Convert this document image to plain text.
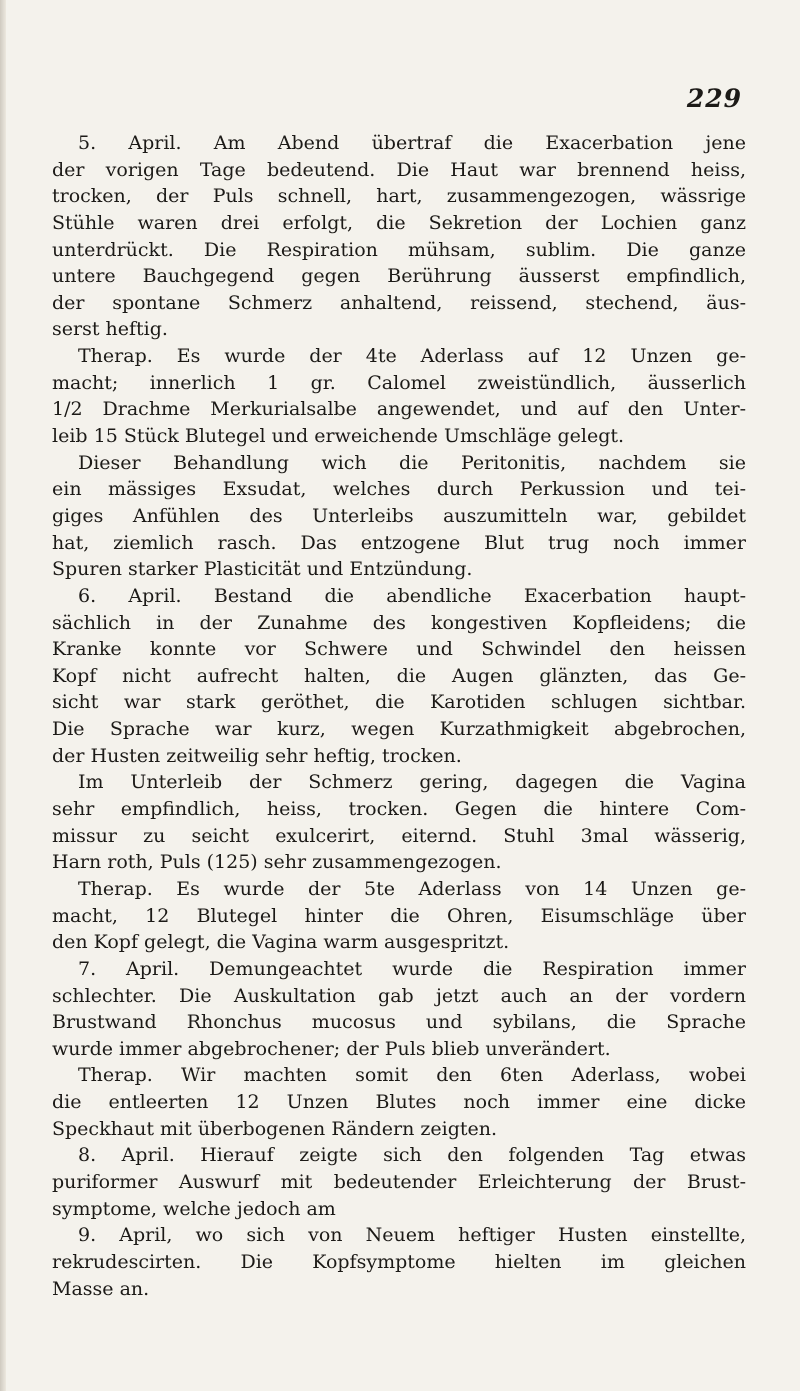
229
5. April. Am Abend übertraf die Exacerbation jene
der vorigen Tage bedeutend. Die Haut war brennend heiss,
trocken, der Puls schnell, hart, zusammengezogen, wässrige
Stühle waren drei erfolgt, die Sekretion der Lochien ganz
unterdrückt. Die Respiration mühsam, sublim. Die ganze
untere Bauchgegend gegen Berührung äusserst empfindlich,
der spontane Schmerz anhaltend, reissend, stechend, äus-
serst heftig.
Therap. Es wurde der 4te Aderlass auf 12 Unzen ge-
macht; innerlich 1 gr. Calomel zweistündlich, äusserlich
1/2 Drachme Merkurialsalbe angewendet, und auf den Unter-
leib 15 Stück Blutegel und erweichende Umschläge gelegt.
Dieser Behandlung wich die Peritonitis, nachdem sie
ein mässiges Exsudat, welches durch Perkussion und tei-
giges Anfühlen des Unterleibs auszumitteln war, gebildet
hat, ziemlich rasch. Das entzogene Blut trug noch immer
Spuren starker Plasticität und Entzündung.
6. April. Bestand die abendliche Exacerbation haupt-
sächlich in der Zunahme des kongestiven Kopfleidens; die
Kranke konnte vor Schwere und Schwindel den heissen
Kopf nicht aufrecht halten, die Augen glänzten, das Ge-
sicht war stark geröthet, die Karotiden schlugen sichtbar.
Die Sprache war kurz, wegen Kurzathmigkeit abgebrochen,
der Husten zeitweilig sehr heftig, trocken.
Im Unterleib der Schmerz gering, dagegen die Vagina
sehr empfindlich, heiss, trocken. Gegen die hintere Com-
missur zu seicht exulcerirt, eiternd. Stuhl 3mal wässerig,
Harn roth, Puls (125) sehr zusammengezogen.
Therap. Es wurde der 5te Aderlass von 14 Unzen ge-
macht, 12 Blutegel hinter die Ohren, Eisumschläge über
den Kopf gelegt, die Vagina warm ausgespritzt.
7. April. Demungeachtet wurde die Respiration immer
schlechter. Die Auskultation gab jetzt auch an der vordern
Brustwand Rhonchus mucosus und sybilans, die Sprache
wurde immer abgebrochener; der Puls blieb unverändert.
Therap. Wir machten somit den 6ten Aderlass, wobei
die entleerten 12 Unzen Blutes noch immer eine dicke
Speckhaut mit überbogenen Rändern zeigten.
8. April. Hierauf zeigte sich den folgenden Tag etwas
puriformer Auswurf mit bedeutender Erleichterung der Brust-
symptome, welche jedoch am
9. April, wo sich von Neuem heftiger Husten einstellte,
rekrudescirten. Die Kopfsymptome hielten im gleichen
Masse an.
